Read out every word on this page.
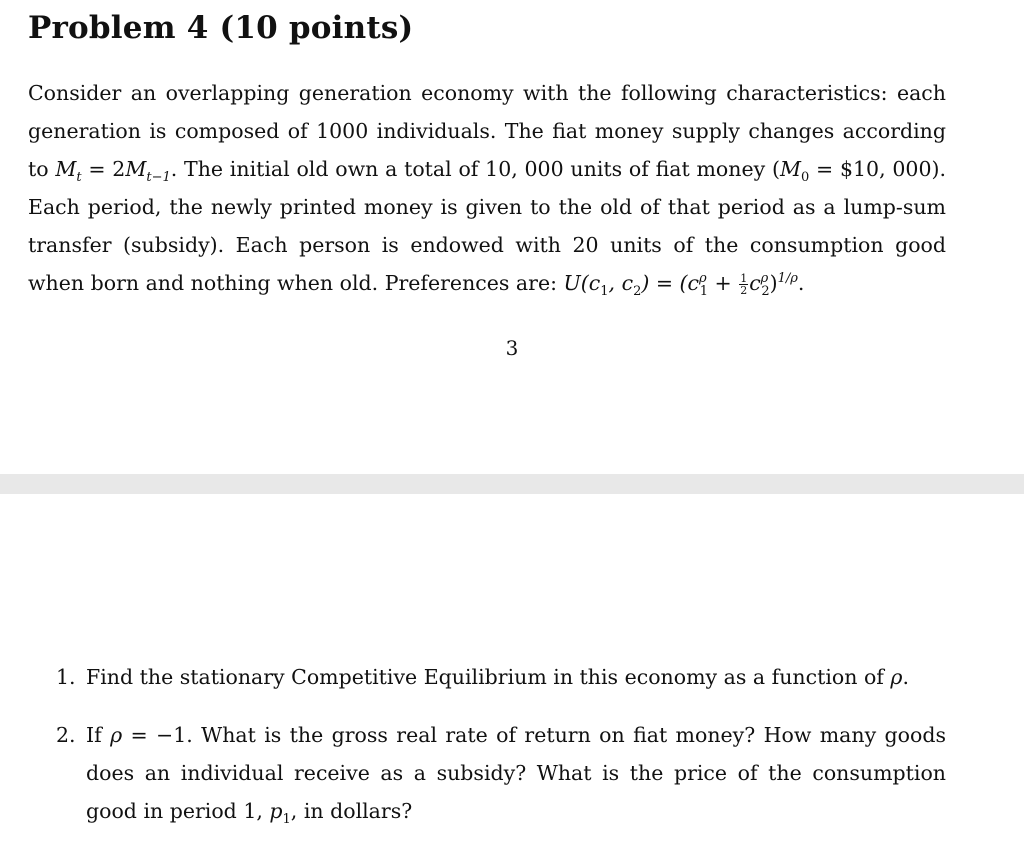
Problem 4 (10 points)

Consider an overlapping generation economy with the following characteristics: each generation is composed of 1000 individuals. The fiat money supply changes according to $M_t = 2M_{t-1}$. The initial old own a total of 10, 000 units of fiat money ($M_0$ = $10, 000). Each period, the newly printed money is given to the old of that period as a lump-sum transfer (subsidy). Each person is endowed with 20 units of the consumption good when born and nothing when old. Preferences are: $U(c_1$, $c_2) = (c^\rho_1 + \frac{1}{2} c^\rho_2)^{1/\rho}$.

3
1. Find the stationary Competitive Equilibrium in this economy as a function of ρ.
2. If ρ = −1. What is the gross real rate of return on fiat money? How many goods does an individual receive as a subsidy? What is the price of the consumption good in period 1, $p_1$, in dollars?
